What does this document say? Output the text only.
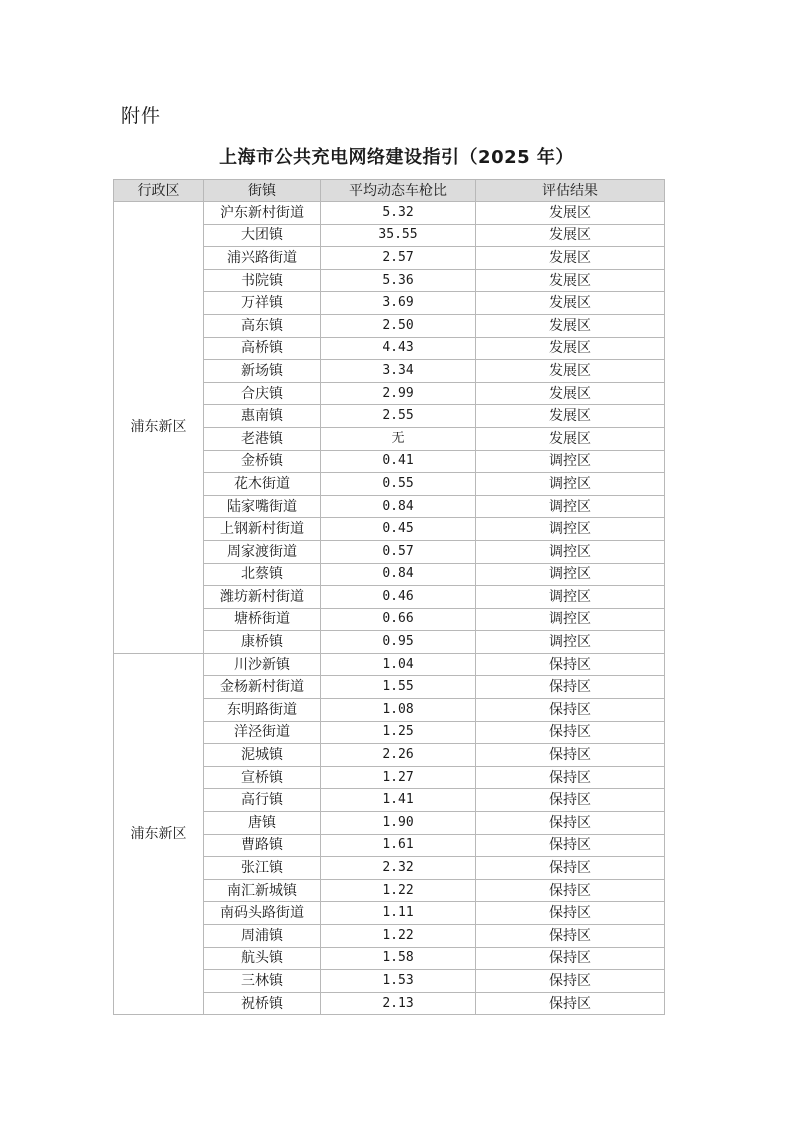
附件
上海市公共充电网络建设指引（2025 年）
行政区	街镇	平均动态车枪比	评估结果
浦东新区	沪东新村街道	5.32	发展区
	大团镇	35.55	发展区
	浦兴路街道	2.57	发展区
	书院镇	5.36	发展区
	万祥镇	3.69	发展区
	高东镇	2.50	发展区
	高桥镇	4.43	发展区
	新场镇	3.34	发展区
	合庆镇	2.99	发展区
	惠南镇	2.55	发展区
	老港镇	无	发展区
	金桥镇	0.41	调控区
	花木街道	0.55	调控区
	陆家嘴街道	0.84	调控区
	上钢新村街道	0.45	调控区
	周家渡街道	0.57	调控区
	北蔡镇	0.84	调控区
	潍坊新村街道	0.46	调控区
	塘桥街道	0.66	调控区
	康桥镇	0.95	调控区
浦东新区	川沙新镇	1.04	保持区
	金杨新村街道	1.55	保持区
	东明路街道	1.08	保持区
	洋泾街道	1.25	保持区
	泥城镇	2.26	保持区
	宣桥镇	1.27	保持区
	高行镇	1.41	保持区
	唐镇	1.90	保持区
	曹路镇	1.61	保持区
	张江镇	2.32	保持区
	南汇新城镇	1.22	保持区
	南码头路街道	1.11	保持区
	周浦镇	1.22	保持区
	航头镇	1.58	保持区
	三林镇	1.53	保持区
	祝桥镇	2.13	保持区
